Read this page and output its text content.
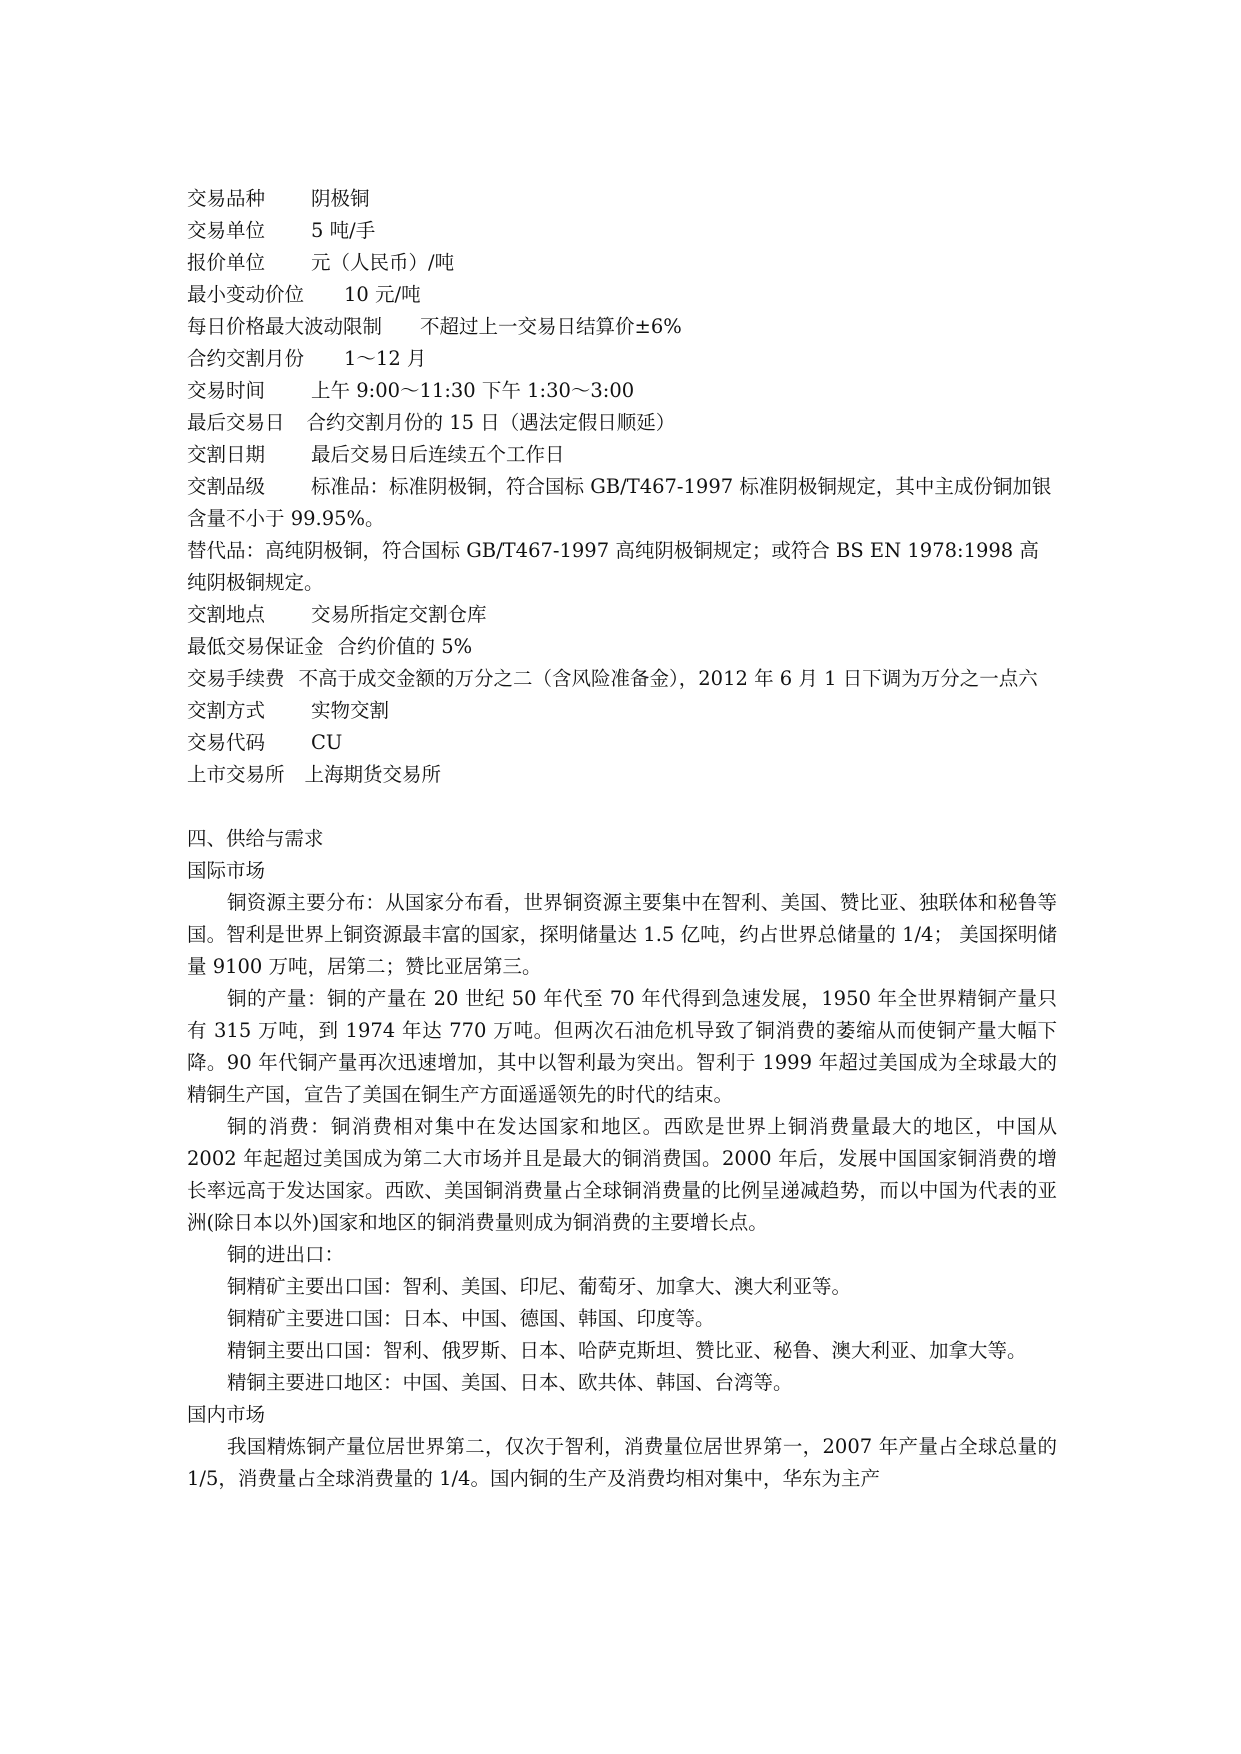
交易品种 阴极铜
交易单位 5 吨/手
报价单位 元（人民币）/吨
最小变动价位 10 元/吨
每日价格最大波动限制 不超过上一交易日结算价±6%
合约交割月份 1～12 月
交易时间 上午 9:00～11:30 下午 1:30～3:00
最后交易日 合约交割月份的 15 日（遇法定假日顺延）
交割日期 最后交易日后连续五个工作日
交割品级 标准品：标准阴极铜，符合国标 GB/T467-1997 标准阴极铜规定，其中主成份铜加银含量不小于 99.95%。
替代品：高纯阴极铜，符合国标 GB/T467-1997 高纯阴极铜规定；或符合 BS EN 1978:1998 高纯阴极铜规定。
交割地点 交易所指定交割仓库
最低交易保证金 合约价值的 5%
交易手续费 不高于成交金额的万分之二（含风险准备金），2012 年 6 月 1 日下调为万分之一点六
交割方式 实物交割
交易代码 CU
上市交易所 上海期货交易所
四、供给与需求
国际市场
铜资源主要分布：从国家分布看，世界铜资源主要集中在智利、美国、赞比亚、独联体和秘鲁等国。智利是世界上铜资源最丰富的国家，探明储量达 1.5 亿吨，约占世界总储量的 1/4； 美国探明储量 9100 万吨，居第二；赞比亚居第三。
铜的产量：铜的产量在 20 世纪 50 年代至 70 年代得到急速发展，1950 年全世界精铜产量只有 315 万吨，到 1974 年达 770 万吨。但两次石油危机导致了铜消费的萎缩从而使铜产量大幅下降。90 年代铜产量再次迅速增加，其中以智利最为突出。智利于 1999 年超过美国成为全球最大的精铜生产国，宣告了美国在铜生产方面遥遥领先的时代的结束。
铜的消费：铜消费相对集中在发达国家和地区。西欧是世界上铜消费量最大的地区，中国从 2002 年起超过美国成为第二大市场并且是最大的铜消费国。2000 年后，发展中国国家铜消费的增长率远高于发达国家。西欧、美国铜消费量占全球铜消费量的比例呈递减趋势，而以中国为代表的亚洲(除日本以外)国家和地区的铜消费量则成为铜消费的主要增长点。
铜的进出口：
铜精矿主要出口国：智利、美国、印尼、葡萄牙、加拿大、澳大利亚等。
铜精矿主要进口国：日本、中国、德国、韩国、印度等。
精铜主要出口国：智利、俄罗斯、日本、哈萨克斯坦、赞比亚、秘鲁、澳大利亚、加拿大等。
精铜主要进口地区：中国、美国、日本、欧共体、韩国、台湾等。
国内市场
我国精炼铜产量位居世界第二，仅次于智利，消费量位居世界第一，2007 年产量占全球总量的 1/5，消费量占全球消费量的 1/4。国内铜的生产及消费均相对集中，华东为主产
